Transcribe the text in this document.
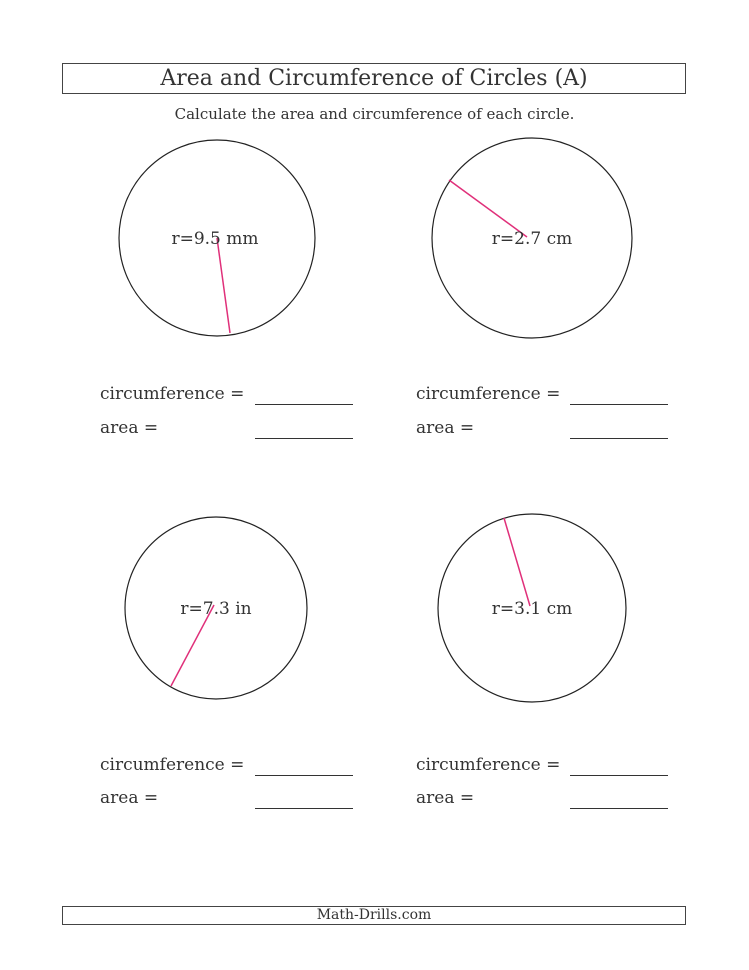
Area and Circumference of Circles (A)
Calculate the area and circumference of each circle.
r=9.5 mm	r=2.7 cm
r=7.3 in	r=3.1 cm
circumference =
area =
circumference =
area =
circumference =
area =
circumference =
area =
Math-Drills.com
